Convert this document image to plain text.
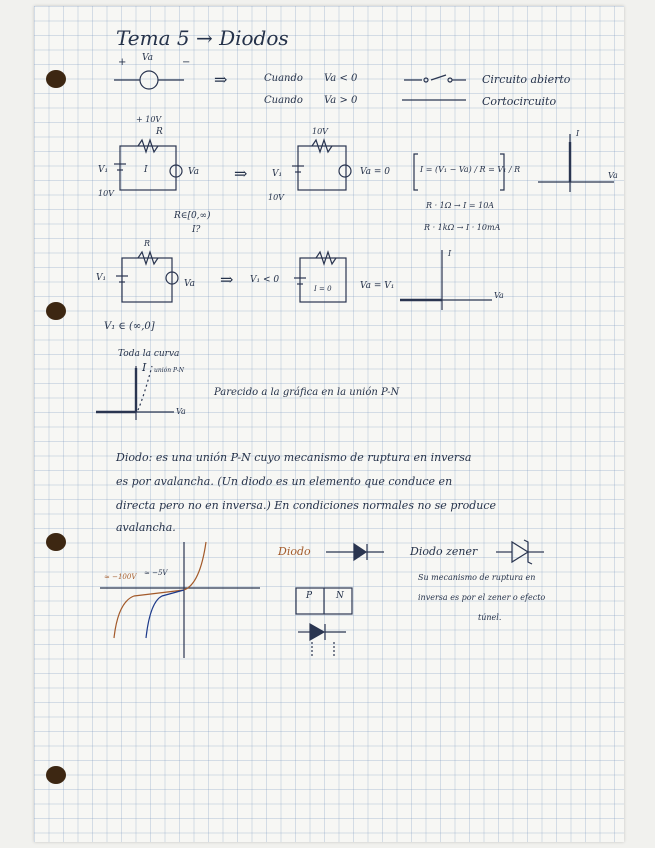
Tema 5 → Diodos

Va

+	−

⇒	Cuando Va < 0	Circuito abierto

Cuando Va > 0	Cortocircuito

+ 10V

R

V₁

10V

I	Va

R∈[0,∞)

I?

⇒

10V

V₁

10V

Va = 0	I = (V₁ − Va) / R = V₁ / R

R · 1Ω → I = 10A

R · 1kΩ → I · 10mA

I

Va

R

V₁

Va

V₁ ∈ (∞,0]

⇒ V₁ < 0

I = 0	Va = V₁

I

Va

Toda la curva

I unión P-N

Va

Parecido a la gráfica en la unión P-N

Diodo: es una unión P-N cuyo mecanismo de ruptura en inversa

es por avalancha. (Un diodo es un elemento que conduce en

directa pero no en inversa.) En condiciones normales no se produce

avalancha.

≈ −100V ≈ −5V

Diodo	Diodo zener

Su mecanismo de ruptura en

inversa es por el zener o efecto

túnel.

P	N
